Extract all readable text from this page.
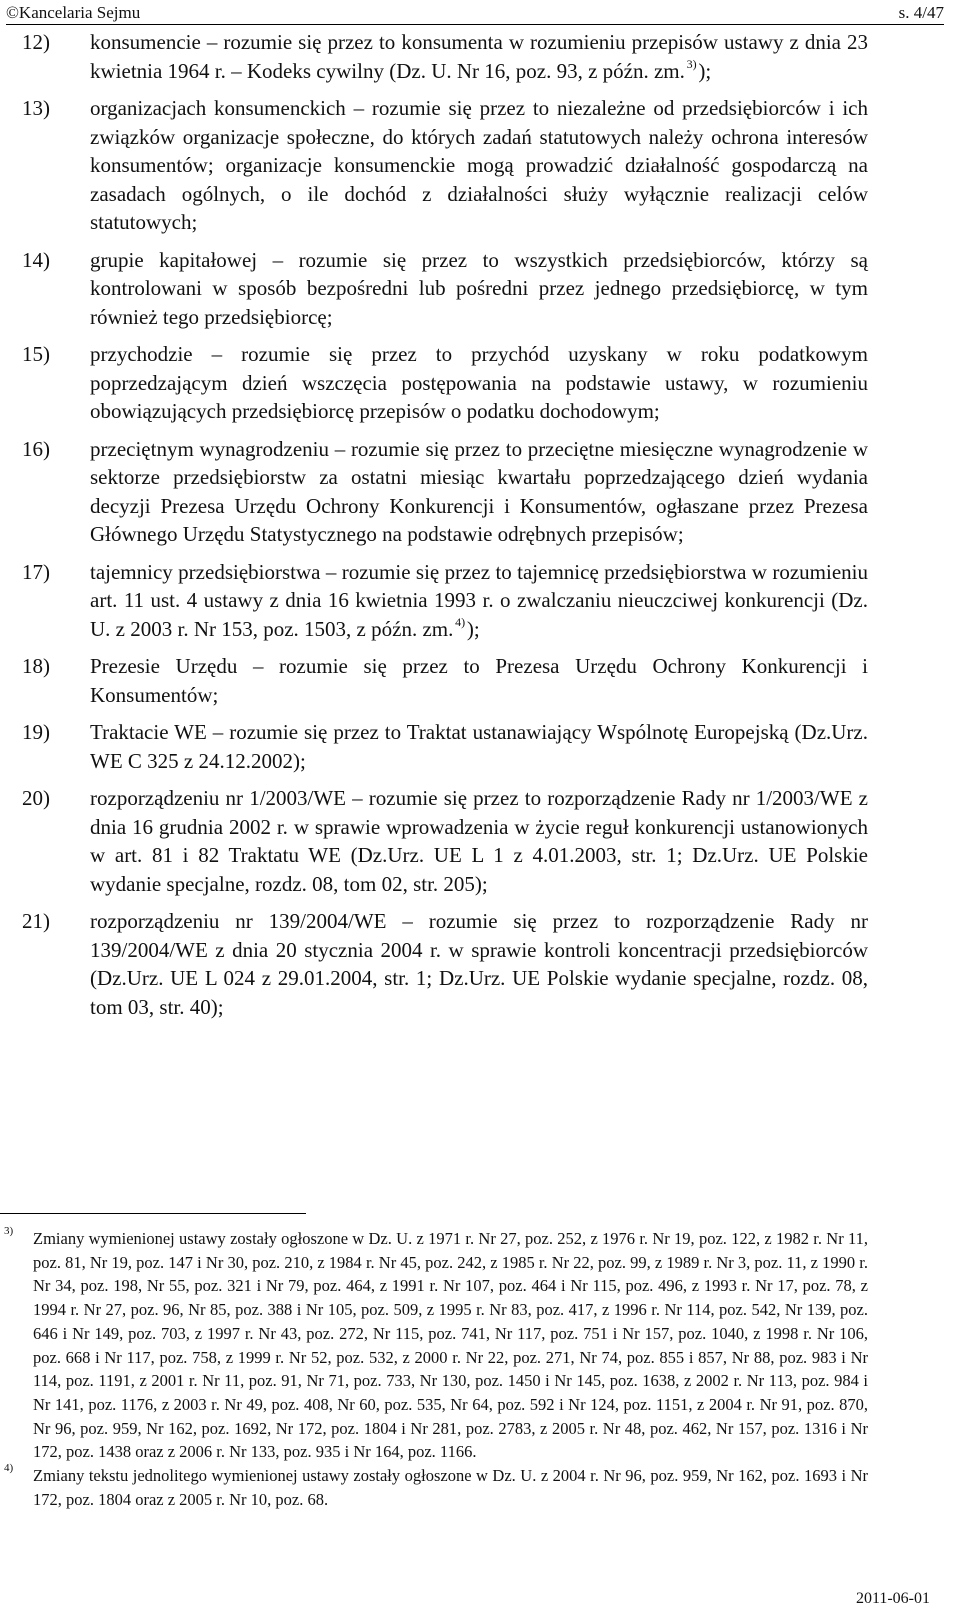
©Kancelaria Sejmu	s. 4/47
12) konsumencie – rozumie się przez to konsumenta w rozumieniu przepisów ustawy z dnia 23 kwietnia 1964 r. – Kodeks cywilny (Dz. U. Nr 16, poz. 93, z późn. zm.  $^{3)}$ );
13) organizacjach konsumenckich – rozumie się przez to niezależne od przedsiębiorców i ich związków organizacje społeczne, do których zadań statutowych należy ochrona interesów konsumentów; organizacje konsumenckie mogą prowadzić działalność gospodarczą na zasadach ogólnych, o ile dochód z działalności służy wyłącznie realizacji celów statutowych;
14) grupie kapitałowej – rozumie się przez to wszystkich przedsiębiorców, którzy są kontrolowani w sposób bezpośredni lub pośredni przez jednego przedsiębiorcę, w tym również tego przedsiębiorcę;
15) przychodzie – rozumie się przez to przychód uzyskany w roku podatkowym poprzedzającym dzień wszczęcia postępowania na podstawie ustawy, w rozumieniu obowiązujących przedsiębiorcę przepisów o podatku dochodowym;
16) przeciętnym wynagrodzeniu – rozumie się przez to przeciętne miesięczne wynagrodzenie w sektorze przedsiębiorstw za ostatni miesiąc kwartału poprzedzającego dzień wydania decyzji Prezesa Urzędu Ochrony Konkurencji i Konsumentów, ogłaszane przez Prezesa Głównego Urzędu Statystycznego na podstawie odrębnych przepisów;
17) tajemnicy przedsiębiorstwa – rozumie się przez to tajemnicę przedsiębiorstwa w rozumieniu art. 11 ust. 4 ustawy z dnia 16 kwietnia 1993 r. o zwalczaniu nieuczciwej konkurencji (Dz. U. z 2003 r. Nr 153, poz. 1503, z późn. zm.  $^{4)}$ );
18) Prezesie Urzędu – rozumie się przez to Prezesa Urzędu Ochrony Konkurencji i Konsumentów;
19) Traktacie WE – rozumie się przez to Traktat ustanawiający Wspólnotę Europejską (Dz.Urz. WE C 325 z 24.12.2002);
20) rozporządzeniu nr 1/2003/WE – rozumie się przez to rozporządzenie Rady nr 1/2003/WE z dnia 16 grudnia 2002 r. w sprawie wprowadzenia w życie reguł konkurencji ustanowionych w art. 81 i 82 Traktatu WE (Dz.Urz. UE L 1 z 4.01.2003, str. 1; Dz.Urz. UE Polskie wydanie specjalne, rozdz. 08, tom 02, str. 205);
21) rozporządzeniu nr 139/2004/WE – rozumie się przez to rozporządzenie Rady nr 139/2004/WE z dnia 20 stycznia 2004 r. w sprawie kontroli koncentracji przedsiębiorców (Dz.Urz. UE L 024 z 29.01.2004, str. 1; Dz.Urz. UE Polskie wydanie specjalne, rozdz. 08, tom 03, str. 40);
3) Zmiany wymienionej ustawy zostały ogłoszone w Dz. U. z 1971 r. Nr 27, poz. 252, z 1976 r. Nr 19, poz. 122, z 1982 r. Nr 11, poz. 81, Nr 19, poz. 147 i Nr 30, poz. 210, z 1984 r. Nr 45, poz. 242, z 1985 r. Nr 22, poz. 99, z 1989 r. Nr 3, poz. 11, z 1990 r. Nr 34, poz. 198, Nr 55, poz. 321 i Nr 79, poz. 464, z 1991 r. Nr 107, poz. 464 i Nr 115, poz. 496, z 1993 r. Nr 17, poz. 78, z 1994 r. Nr 27, poz. 96, Nr 85, poz. 388 i Nr 105, poz. 509, z 1995 r. Nr 83, poz. 417, z 1996 r. Nr 114, poz. 542, Nr 139, poz. 646 i Nr 149, poz. 703, z 1997 r. Nr 43, poz. 272, Nr 115, poz. 741, Nr 117, poz. 751 i Nr 157, poz. 1040, z 1998 r. Nr 106, poz. 668 i Nr 117, poz. 758, z 1999 r. Nr 52, poz. 532, z 2000 r. Nr 22, poz. 271, Nr 74, poz. 855 i 857, Nr 88, poz. 983 i Nr 114, poz. 1191, z 2001 r. Nr 11, poz. 91, Nr 71, poz. 733, Nr 130, poz. 1450 i Nr 145, poz. 1638, z 2002 r. Nr 113, poz. 984 i Nr 141, poz. 1176, z 2003 r. Nr 49, poz. 408, Nr 60, poz. 535, Nr 64, poz. 592 i Nr 124, poz. 1151, z 2004 r. Nr 91, poz. 870, Nr 96, poz. 959, Nr 162, poz. 1692, Nr 172, poz. 1804 i Nr 281, poz. 2783, z 2005 r. Nr 48, poz. 462, Nr 157, poz. 1316 i Nr 172, poz. 1438 oraz z 2006 r. Nr 133, poz. 935 i Nr 164, poz. 1166.
4) Zmiany tekstu jednolitego wymienionej ustawy zostały ogłoszone w Dz. U. z 2004 r. Nr 96, poz. 959, Nr 162, poz. 1693 i Nr 172, poz. 1804 oraz z 2005 r. Nr 10, poz. 68.
2011-06-01
